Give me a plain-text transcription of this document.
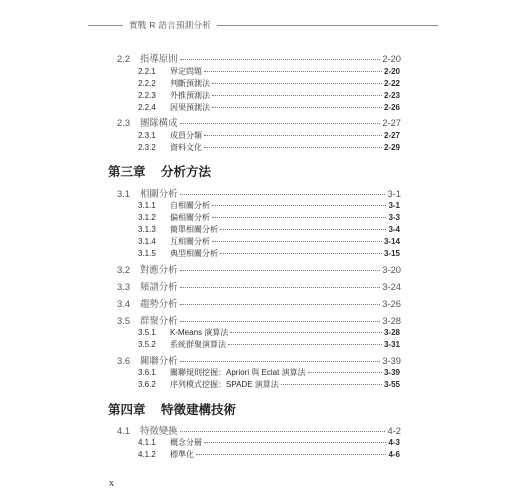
實戰 R 語言預測分析
2.2	指導原則	2-20
2.2.1	界定問題	2-20
2.2.2	判斷預測法	2-22
2.2.3	外推預測法	2-23
2.2.4	因果預測法	2-26
2.3	團隊構成	2-27
2.3.1	成員分類	2-27
2.3.2	資料文化	2-29
第三章 分析方法
3.1	相關分析	3-1
3.1.1	自相關分析	3-1
3.1.2	偏相關分析	3-3
3.1.3	簡單相關分析	3-4
3.1.4	互相關分析	3-14
3.1.5	典型相關分析	3-15
3.2	對應分析	3-20
3.3	頻譜分析	3-24
3.4	趨勢分析	3-26
3.5	群聚分析	3-28
3.5.1	K-Means 演算法	3-28
3.5.2	系統群聚演算法	3-31
3.6	關聯分析	3-39
3.6.1	關聯規則挖掘：Apriori 與 Eclat 演算法	3-39
3.6.2	序列模式挖掘：SPADE 演算法	3-55
第四章 特徵建構技術
4.1	特徵變換	4-2
4.1.1	概念分層	4-3
4.1.2	標準化	4-6
x
